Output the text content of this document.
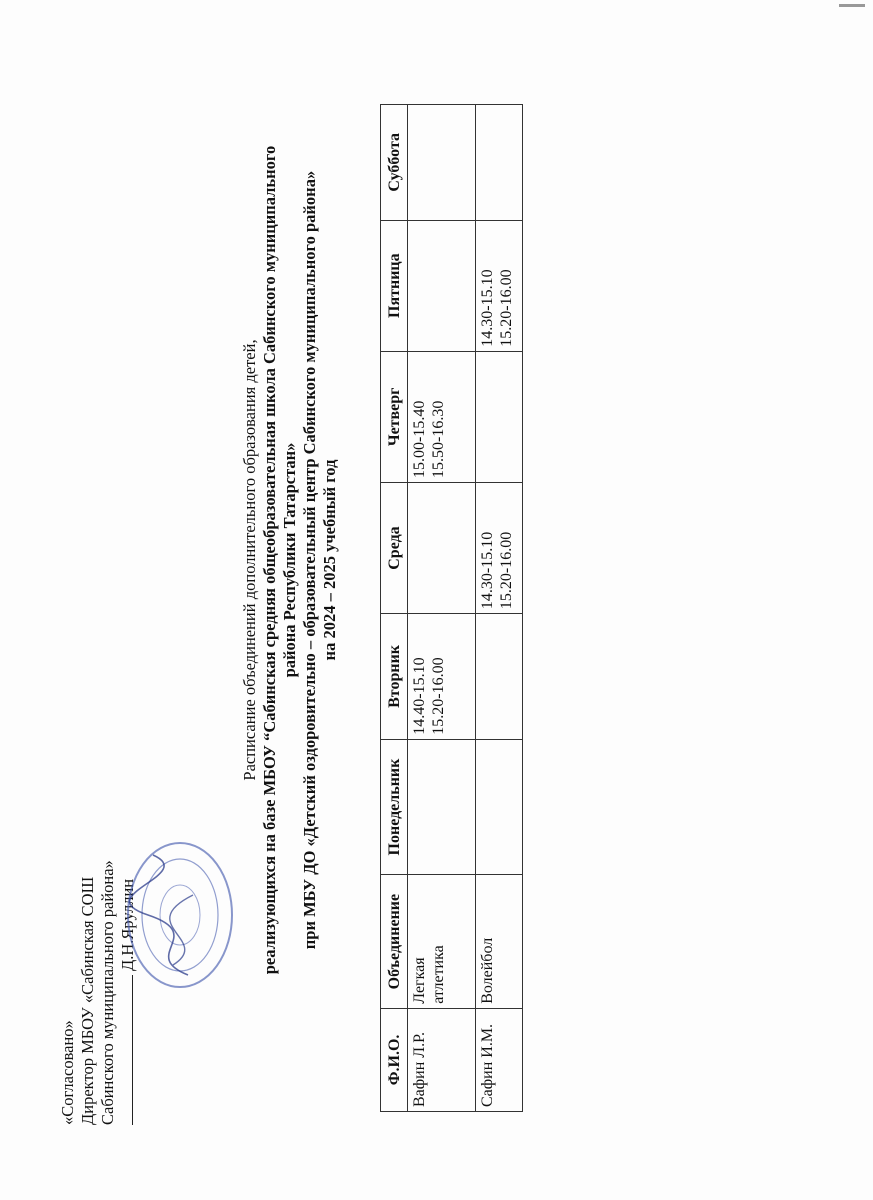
«Согласовано» Директор МБОУ «Сабинская СОШ Сабинского муниципального района» Д.Н.Яруллин
Расписание объединений дополнительного образования детей, реализующихся на базе МБОУ “Сабинская средняя общеобразовательная школа Сабинского муниципального района Республики Татарстан» при МБУ ДО «Детский оздоровительно – образовательный центр Сабинского муниципального района» на 2024 – 2025 учебный год
Ф.И.О.	Объединение	Понедельник	Вторник	Среда	Четверг	Пятница	Суббота

Вафин Л.Р.	Легкая атлетика		14.40-15.10 15.20-16.00		15.00-15.40 15.50-16.30		

Сафин И.М.	Волейбол			14.30-15.10 15.20-16.00		14.30-15.10 15.20-16.00	
